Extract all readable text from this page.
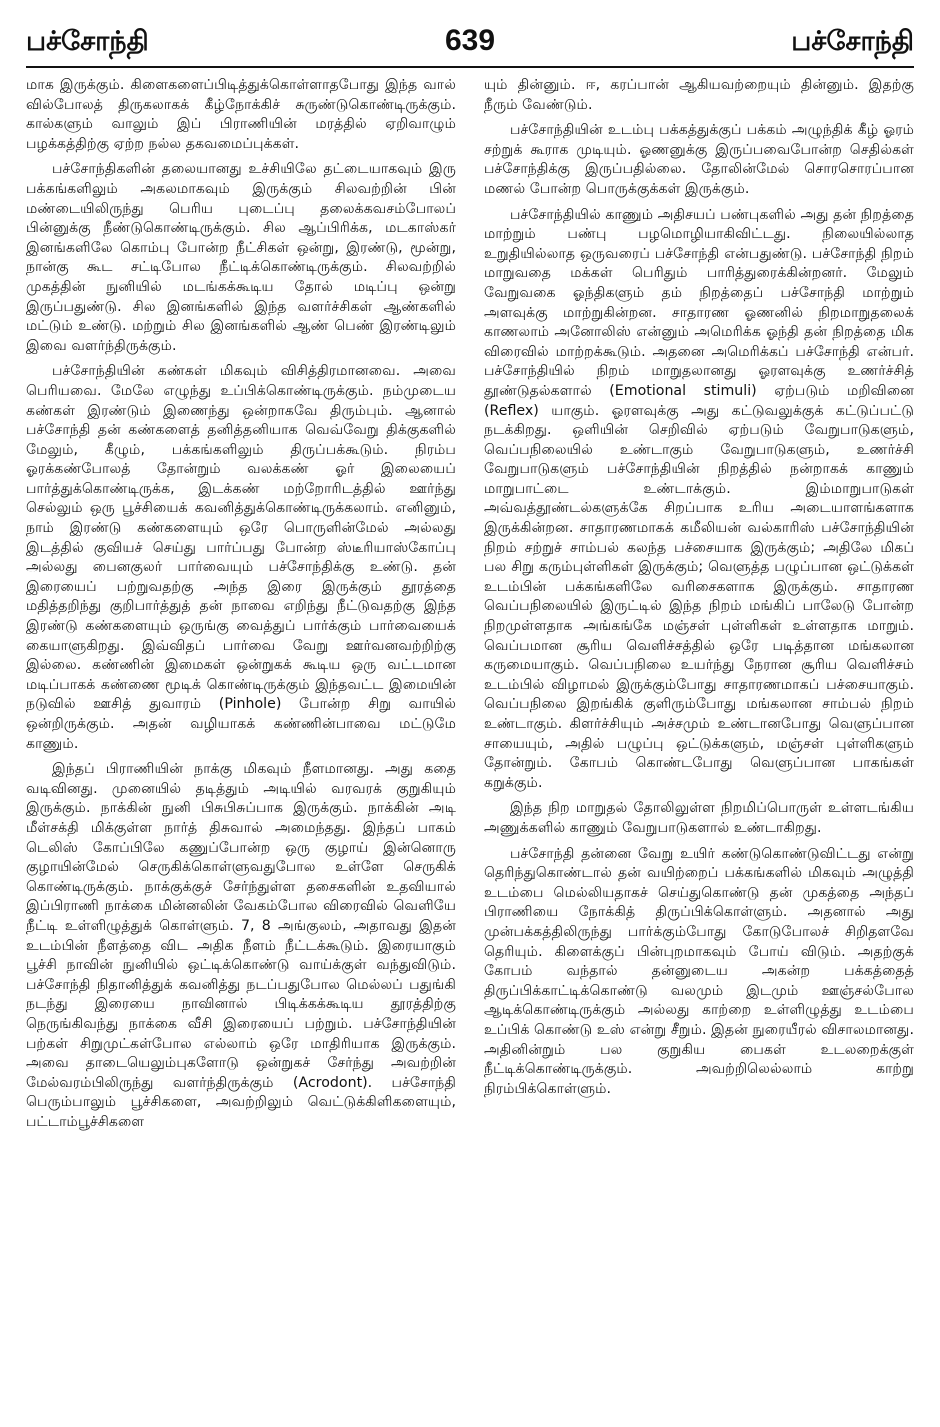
பச்சோந்தி	639	பச்சோந்தி

மாக இருக்கும். கிளைகளைப்பிடித்துக்கொள்ளாதபோது இந்த வால் வில்போலத் திருகலாகக் கீழ்நோக்கிச் சுருண்டுகொண்டிருக்கும். கால்களும் வாலும் இப் பிராணியின் மரத்தில் ஏறிவாழும் பழக்கத்திற்கு ஏற்ற நல்ல தகவமைப்புக்கள்.

பச்சோந்திகளின் தலையானது உச்சியிலே தட்டையாகவும் இரு பக்கங்களிலும் அகலமாகவும் இருக்கும் சிலவற்றின் பின் மண்டையிலிருந்து பெரிய புடைப்பு தலைக்கவசம்போலப் பின்னுக்கு நீண்டுகொண்டிருக்கும். சில ஆப்பிரிக்க, மடகாஸ்கர் இனங்களிலே கொம்பு போன்ற நீட்சிகள் ஒன்று, இரண்டு, மூன்று, நான்கு கூட சட்டிபோல நீட்டிக்கொண்டிருக்கும். சிலவற்றில் முகத்தின் நுனியில் மடங்கக்கூடிய தோல் மடிப்பு ஒன்று இருப்பதுண்டு. சில இனங்களில் இந்த வளர்ச்சிகள் ஆண்களில் மட்டும் உண்டு. மற்றும் சில இனங்களில் ஆண் பெண் இரண்டிலும் இவை வளர்ந்திருக்கும்.

பச்சோந்தியின் கண்கள் மிகவும் விசித்திரமானவை. அவை பெரியவை. மேலே எழுந்து உப்பிக்கொண்டிருக்கும். நம்முடைய கண்கள் இரண்டும் இணைந்து ஒன்றாகவே திரும்பும். ஆனால் பச்சோந்தி தன் கண்களைத் தனித்தனியாக வெவ்வேறு திக்குகளில் மேலும், கீழும், பக்கங்களிலும் திருப்பக்கூடும். நிரம்ப ஓரக்கண்போலத் தோன்றும் வலக்கண் ஓர் இலையைப் பார்த்துக்கொண்டிருக்க, இடக்கண் மற்றோரிடத்தில் ஊர்ந்து செல்லும் ஒரு பூச்சியைக் கவனித்துக்கொண்டிருக்கலாம். எனினும், நாம் இரண்டு கண்களையும் ஒரே பொருளின்மேல் அல்லது இடத்தில் குவியச் செய்து பார்ப்பது போன்ற ஸ்டீரியாஸ்கோப்பு அல்லது பைனகுலர் பார்வையும் பச்சோந்திக்கு உண்டு. தன் இரையைப் பற்றுவதற்கு அந்த இரை இருக்கும் தூரத்தை மதித்தறிந்து குறிபார்த்துத் தன் நாவை எறிந்து நீட்டுவதற்கு இந்த இரண்டு கண்களையும் ஒருங்கு வைத்துப் பார்க்கும் பார்வையைக் கையாளுகிறது. இவ்விதப் பார்வை வேறு ஊர்வனவற்றிற்கு இல்லை. கண்ணின் இமைகள் ஒன்றுகக் கூடிய ஒரு வட்டமான மடிப்பாகக் கண்ணை மூடிக் கொண்டிருக்கும் இந்தவட்ட இமையின் நடுவில் ஊசித் துவாரம் (Pinhole) போன்ற சிறு வாயில் ஒன்றிருக்கும். அதன் வழியாகக் கண்ணின்பாவை மட்டுமே காணும்.

இந்தப் பிராணியின் நாக்கு மிகவும் நீளமானது. அது கதை வடிவினது. முனையில் தடித்தும் அடியில் வரவரக் குறுகியும் இருக்கும். நாக்கின் நுனி பிசுபிசுப்பாக இருக்கும். நாக்கின் அடி மீள்சக்தி மிக்குள்ள நார்த் திசுவால் அமைந்தது. இந்தப் பாகம் டெலிஸ் கோப்பிலே கணுப்போன்ற ஒரு குழாய் இன்னொரு குழாயின்மேல் செருகிக்கொள்ளுவதுபோல உள்ளே செருகிக் கொண்டிருக்கும். நாக்குக்குச் சேர்ந்துள்ள தசைகளின் உதவியால் இப்பிராணி நாக்கை மின்னலின் வேகம்போல விரைவில் வெளியே நீட்டி உள்ளிழுத்துக் கொள்ளும். 7, 8 அங்குலம், அதாவது இதன் உடம்பின் நீளத்தை விட அதிக நீளம் நீட்டக்கூடும். இரையாகும் பூச்சி நாவின் நுனியில் ஒட்டிக்கொண்டு வாய்க்குள் வந்துவிடும். பச்சோந்தி நிதானித்துக் கவனித்து நடப்பதுபோல மெல்லப் பதுங்கி நடந்து இரையை நாவினால் பிடிக்கக்கூடிய தூரத்திற்கு நெருங்கிவந்து நாக்கை வீசி இரையைப் பற்றும். பச்சோந்தியின் பற்கள் சிறுமுட்கள்போல எல்லாம் ஒரே மாதிரியாக இருக்கும். அவை தாடையெலும்புகளோடு ஒன்றுகச் சேர்ந்து அவற்றின் மேல்வரம்பிலிருந்து வளர்ந்திருக்கும் (Acrodont). பச்சோந்தி பெரும்பாலும் பூச்சிகளை, அவற்றிலும் வெட்டுக்கிளிகளையும், பட்டாம்பூச்சிகளை

யும் தின்னும். ஈ, கரப்பான் ஆகியவற்றையும் தின்னும். இதற்கு நீரும் வேண்டும்.

பச்சோந்தியின் உடம்பு பக்கத்துக்குப் பக்கம் அழுந்திக் கீழ் ஓரம் சற்றுக் கூராக முடியும். ஓணனுக்கு இருப்பவைபோன்ற செதில்கள் பச்சோந்திக்கு இருப்பதில்லை. தோலின்மேல் சொரசொரப்பான மணல் போன்ற பொருக்குக்கள் இருக்கும்.

பச்சோந்தியில் காணும் அதிசயப் பண்புகளில் அது தன் நிறத்தை மாற்றும் பண்பு பழமொழியாகிவிட்டது. நிலையில்லாத உறுதியில்லாத ஒருவரைப் பச்சோந்தி என்பதுண்டு. பச்சோந்தி நிறம் மாறுவதை மக்கள் பெரிதும் பாரித்துரைக்கின்றனர். மேலும் வேறுவகை ஓந்திகளும் தம் நிறத்தைப் பச்சோந்தி மாற்றும் அளவுக்கு மாற்றுகின்றன. சாதாரண ஓணனில் நிறமாறுதலைக் காணலாம் அனோலிஸ் என்னும் அமெரிக்க ஓந்தி தன் நிறத்தை மிக விரைவில் மாற்றக்கூடும். அதனை அமெரிக்கப் பச்சோந்தி என்பர். பச்சோந்தியில் நிறம் மாறுதலானது ஓரளவுக்கு உணர்ச்சித் தூண்டுதல்களால் (Emotional stimuli) ஏற்படும் மறிவினை (Reflex) யாகும். ஓரளவுக்கு அது கட்டுவலுக்குக் கட்டுப்பட்டு நடக்கிறது. ஒளியின் செறிவில் ஏற்படும் வேறுபாடுகளும், வெப்பநிலையில் உண்டாகும் வேறுபாடுகளும், உணர்ச்சி வேறுபாடுகளும் பச்சோந்தியின் நிறத்தில் நன்றாகக் காணும் மாறுபாட்டை உண்டாக்கும். இம்மாறுபாடுகள் அவ்வத்தூண்டல்களுக்கே சிறப்பாக உரிய அடையாளங்களாக இருக்கின்றன. சாதாரணமாகக் கமீலியன் வல்காரிஸ் பச்சோந்தியின் நிறம் சற்றுச் சாம்பல் கலந்த பச்சையாக இருக்கும்; அதிலே மிகப் பல சிறு கரும்புள்ளிகள் இருக்கும்; வெளுத்த பழுப்பான ஒட்டுக்கள் உடம்பின் பக்கங்களிலே வரிசைகளாக இருக்கும். சாதாரண வெப்பநிலையில் இருட்டில் இந்த நிறம் மங்கிப் பாலேடு போன்ற நிறமுள்ளதாக அங்கங்கே மஞ்சள் புள்ளிகள் உள்ளதாக மாறும். வெப்பமான சூரிய வெளிச்சத்தில் ஒரே படித்தான மங்கலான கருமையாகும். வெப்பநிலை உயர்ந்து நேரான சூரிய வெளிச்சம் உடம்பில் விழாமல் இருக்கும்போது சாதாரணமாகப் பச்சையாகும். வெப்பநிலை இறங்கிக் குளிரும்போது மங்கலான சாம்பல் நிறம் உண்டாகும். கிளர்ச்சியும் அச்சமும் உண்டானபோது வெளுப்பான சாயையும், அதில் பழுப்பு ஒட்டுக்களும், மஞ்சள் புள்ளிகளும் தோன்றும். கோபம் கொண்டபோது வெளுப்பான பாகங்கள் கறுக்கும்.

இந்த நிற மாறுதல் தோலிலுள்ள நிறமிப்பொருள் உள்ளடங்கிய அணுக்களில் காணும் வேறுபாடுகளால் உண்டாகிறது.

பச்சோந்தி தன்னை வேறு உயிர் கண்டுகொண்டுவிட்டது என்று தெரிந்துகொண்டால் தன் வயிற்றைப் பக்கங்களில் மிகவும் அழுத்தி உடம்பை மெல்லியதாகச் செய்துகொண்டு தன் முகத்தை அந்தப் பிராணியை நோக்கித் திருப்பிக்கொள்ளும். அதனால் அது முன்பக்கத்திலிருந்து பார்க்கும்போது கோடுபோலச் சிறிதளவே தெரியும். கிளைக்குப் பின்புறமாகவும் போய் விடும். அதற்குக் கோபம் வந்தால் தன்னுடைய அகன்ற பக்கத்தைத் திருப்பிக்காட்டிக்கொண்டு வலமும் இடமும் ஊஞ்சல்போல ஆடிக்கொண்டிருக்கும் அல்லது காற்றை உள்ளிழுத்து உடம்பை உப்பிக் கொண்டு உஸ் என்று சீறும். இதன் நுரையீரல் விசாலமானது. அதினின்றும் பல குறுகிய பைகள் உடலறைக்குள் நீட்டிக்கொண்டிருக்கும். அவற்றிலெல்லாம் காற்று நிரம்பிக்கொள்ளும்.
